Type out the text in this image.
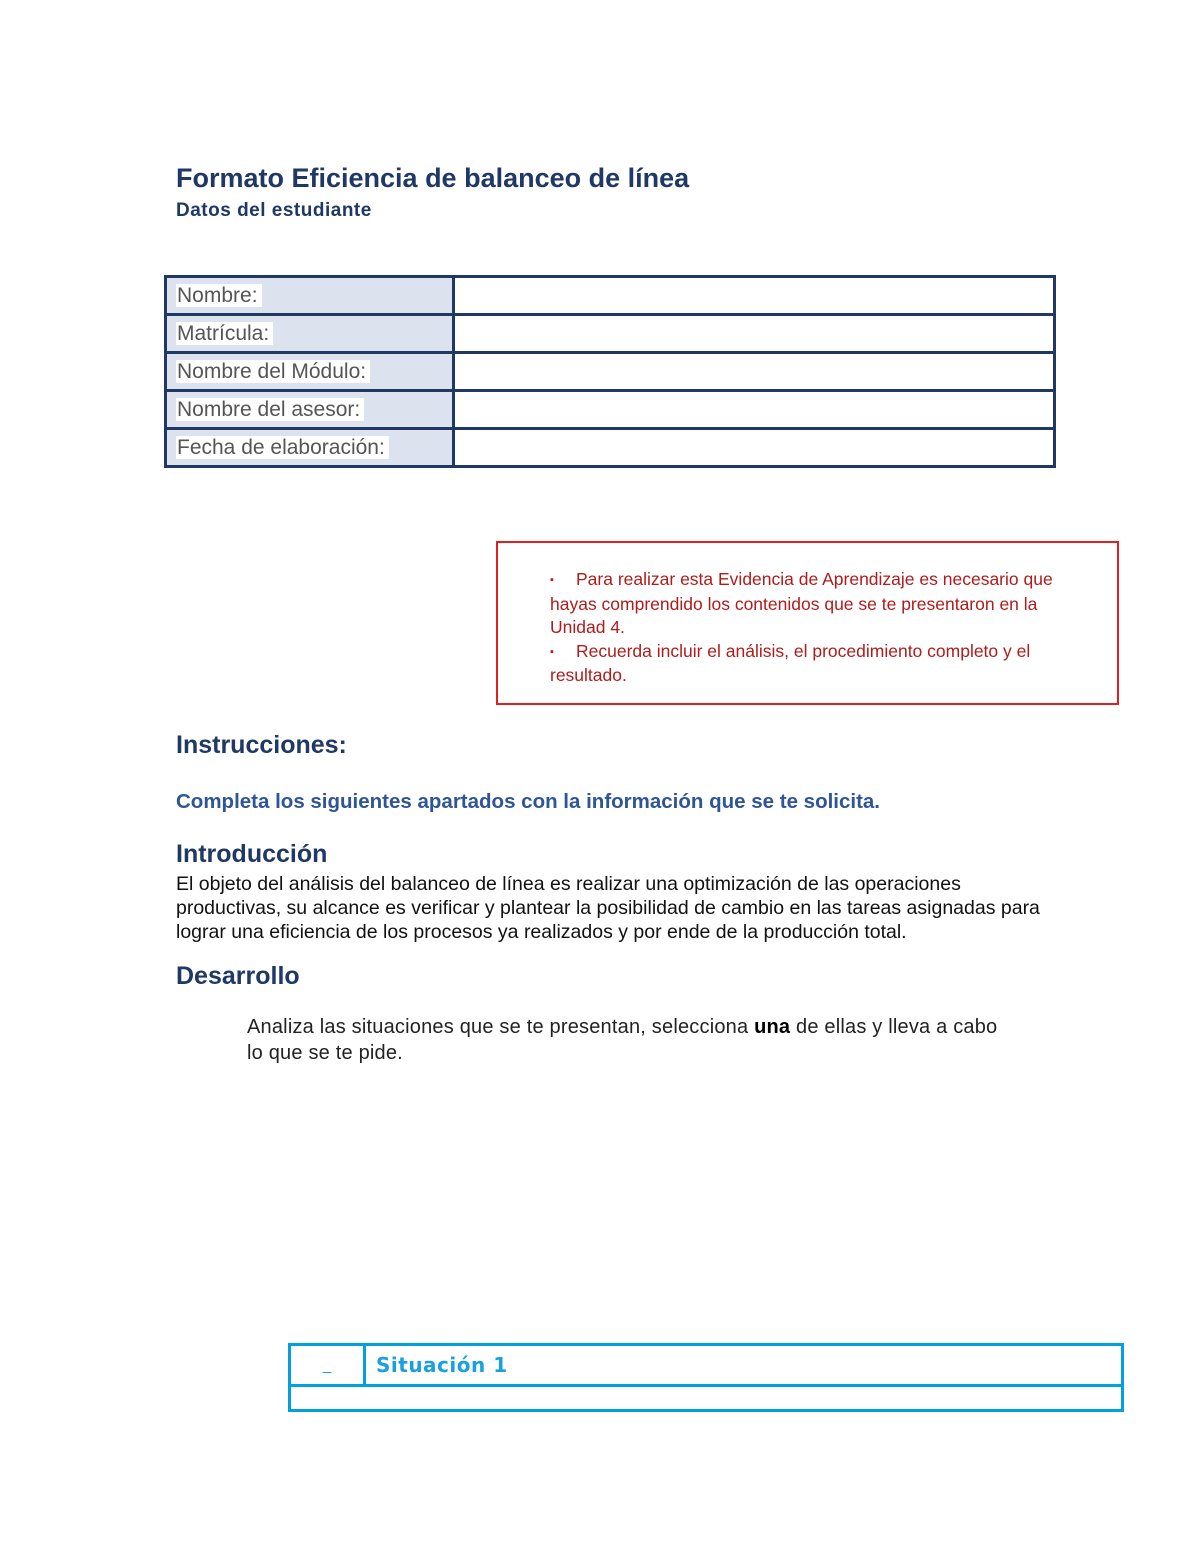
Formato Eficiencia de balanceo de línea
Datos del estudiante
Nombre:	
Matrícula:	
Nombre del Módulo:	
Nombre del asesor:	
Fecha de elaboración:	

▪ Para realizar esta Evidencia de Aprendizaje es necesario que hayas comprendido los contenidos que se te presentaron en la Unidad 4.

▪ Recuerda incluir el análisis, el procedimiento completo y el resultado.

Instrucciones:
Completa los siguientes apartados con la información que se te solicita.
Introducción
El objeto del análisis del balanceo de línea es realizar una optimización de las operaciones productivas, su alcance es verificar y plantear la posibilidad de cambio en las tareas asignadas para lograr una eficiencia de los procesos ya realizados y por ende de la producción total.
Desarrollo
Analiza las situaciones que se te presentan, selecciona una de ellas y lleva a cabo lo que se te pide.
_	Situación 1
